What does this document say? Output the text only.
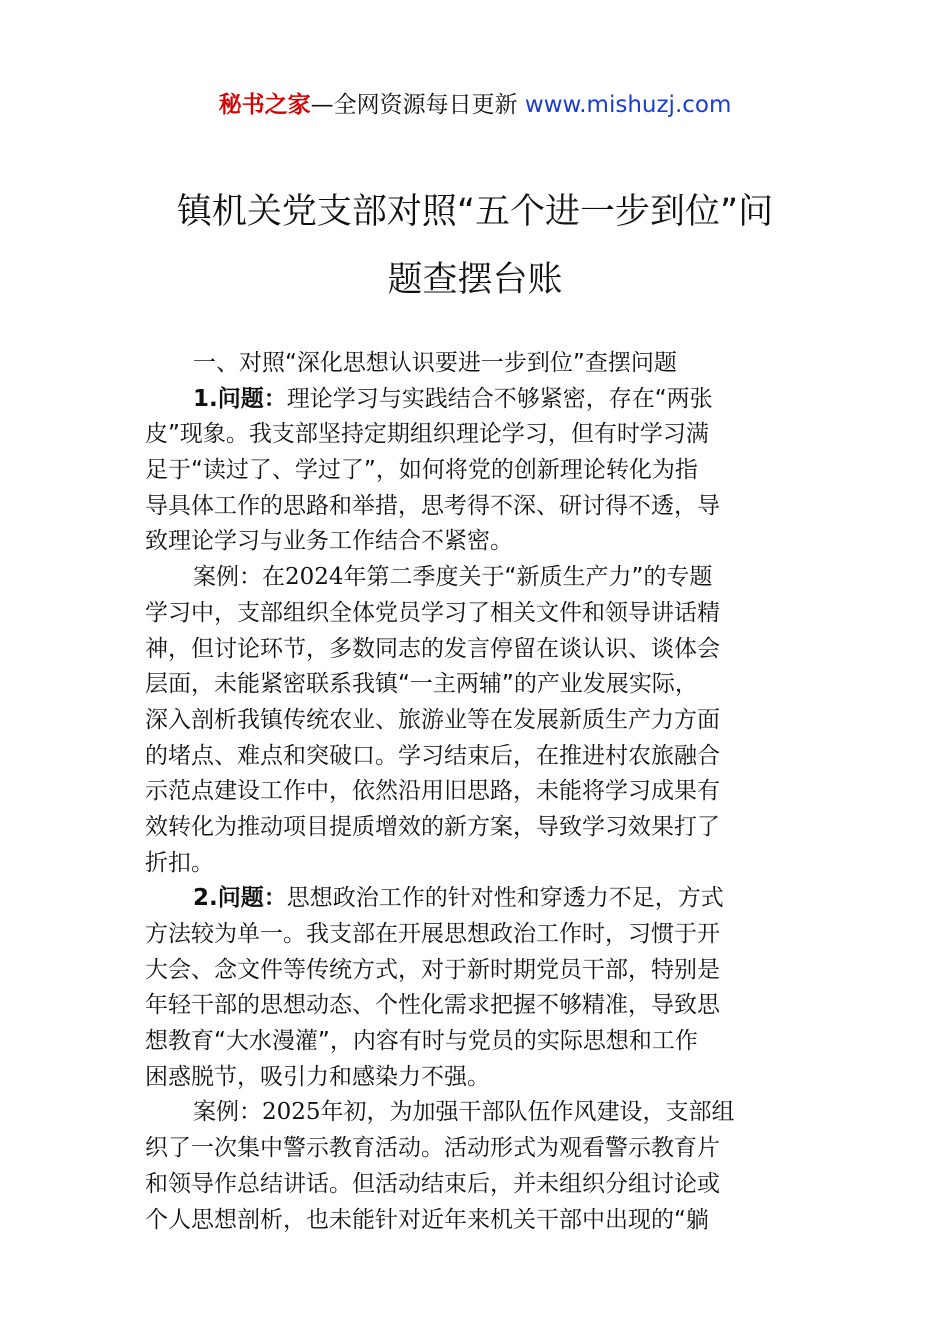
秘书之家—全网资源每日更新 www.mishuzj.com
镇机关党支部对照“五个进一步到位”问
题查摆台账
一、对照“深化思想认识要进一步到位”查摆问题
1.问题：理论学习与实践结合不够紧密，存在“两张
皮”现象。我支部坚持定期组织理论学习，但有时学习满
足于“读过了、学过了”，如何将党的创新理论转化为指
导具体工作的思路和举措，思考得不深、研讨得不透，导
致理论学习与业务工作结合不紧密。
案例：在2024年第二季度关于“新质生产力”的专题
学习中，支部组织全体党员学习了相关文件和领导讲话精
神，但讨论环节，多数同志的发言停留在谈认识、谈体会
层面，未能紧密联系我镇“一主两辅”的产业发展实际，
深入剖析我镇传统农业、旅游业等在发展新质生产力方面
的堵点、难点和突破口。学习结束后，在推进村农旅融合
示范点建设工作中，依然沿用旧思路，未能将学习成果有
效转化为推动项目提质增效的新方案，导致学习效果打了
折扣。
2.问题：思想政治工作的针对性和穿透力不足，方式
方法较为单一。我支部在开展思想政治工作时，习惯于开
大会、念文件等传统方式，对于新时期党员干部，特别是
年轻干部的思想动态、个性化需求把握不够精准，导致思
想教育“大水漫灌”，内容有时与党员的实际思想和工作
困惑脱节，吸引力和感染力不强。
案例：2025年初，为加强干部队伍作风建设，支部组
织了一次集中警示教育活动。活动形式为观看警示教育片
和领导作总结讲话。但活动结束后，并未组织分组讨论或
个人思想剖析，也未能针对近年来机关干部中出现的“躺
